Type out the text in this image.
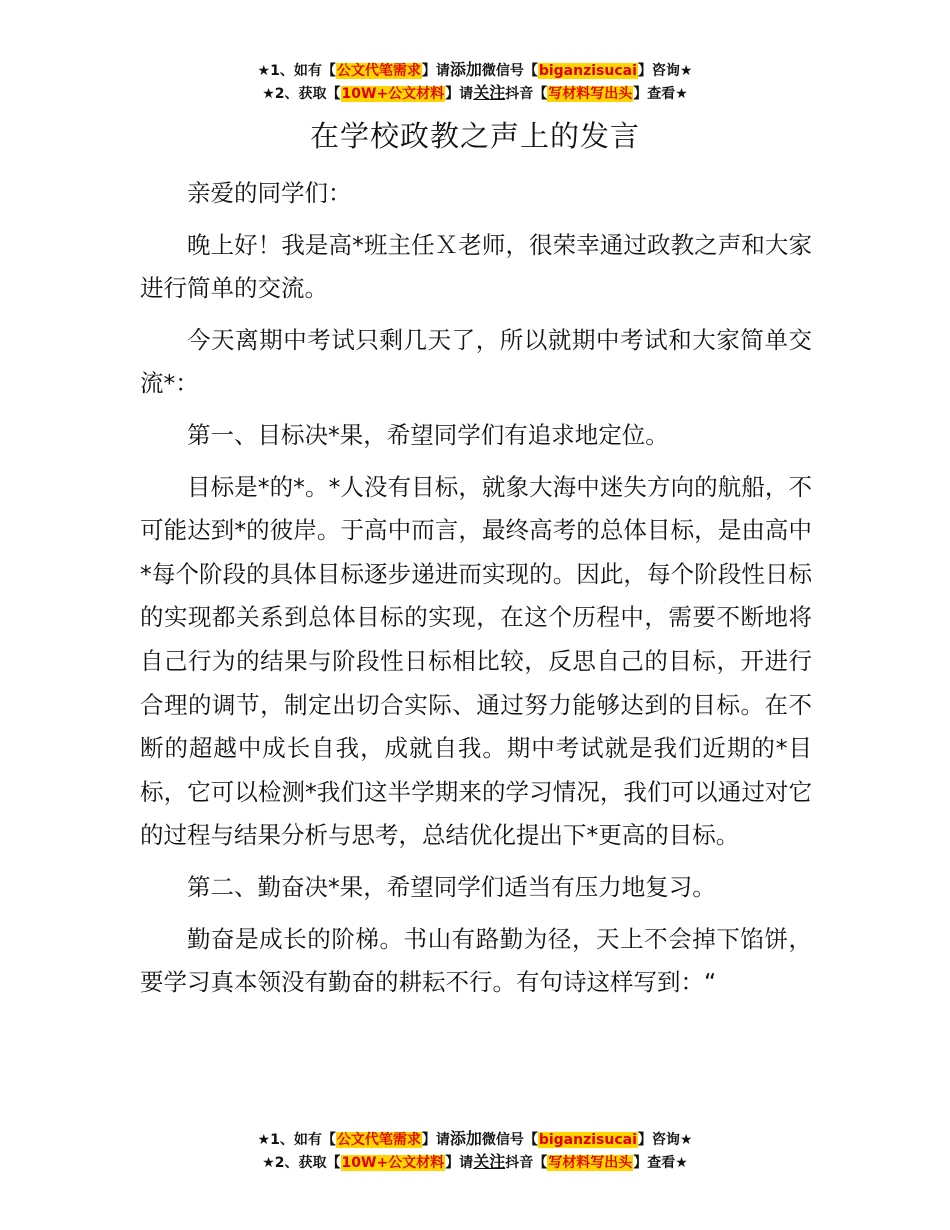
★1、如有【公文代笔需求】请添加微信号【biganzisucai】咨询★
★2、获取【10W+公文材料】请关注抖音【写材料写出头】查看★
在学校政教之声上的发言

亲爱的同学们：

晚上好！我是高*班主任Ｘ老师，很荣幸通过政教之声和大家进行简单的交流。

今天离期中考试只剩几天了，所以就期中考试和大家简单交流*：

第一、目标决*果，希望同学们有追求地定位。

目标是*的*。*人没有目标，就象大海中迷失方向的航船，不可能达到*的彼岸。于高中而言，最终高考的总体目标，是由高中*每个阶段的具体目标逐步递进而实现的。因此，每个阶段性日标的实现都关系到总体目标的实现，在这个历程中，需要不断地将自己行为的结果与阶段性日标相比较，反思自己的目标，开进行合理的调节，制定出切合实际、通过努力能够达到的目标。在不断的超越中成长自我，成就自我。期中考试就是我们近期的*目标，它可以检测*我们这半学期来的学习情况，我们可以通过对它的过程与结果分析与思考，总结优化提出下*更高的目标。

第二、勤奋决*果，希望同学们适当有压力地复习。

勤奋是成长的阶梯。书山有路勤为径，天上不会掉下馅饼，要学习真本领没有勤奋的耕耘不行。有句诗这样写到：“

★1、如有【公文代笔需求】请添加微信号【biganzisucai】咨询★
★2、获取【10W+公文材料】请关注抖音【写材料写出头】查看★
